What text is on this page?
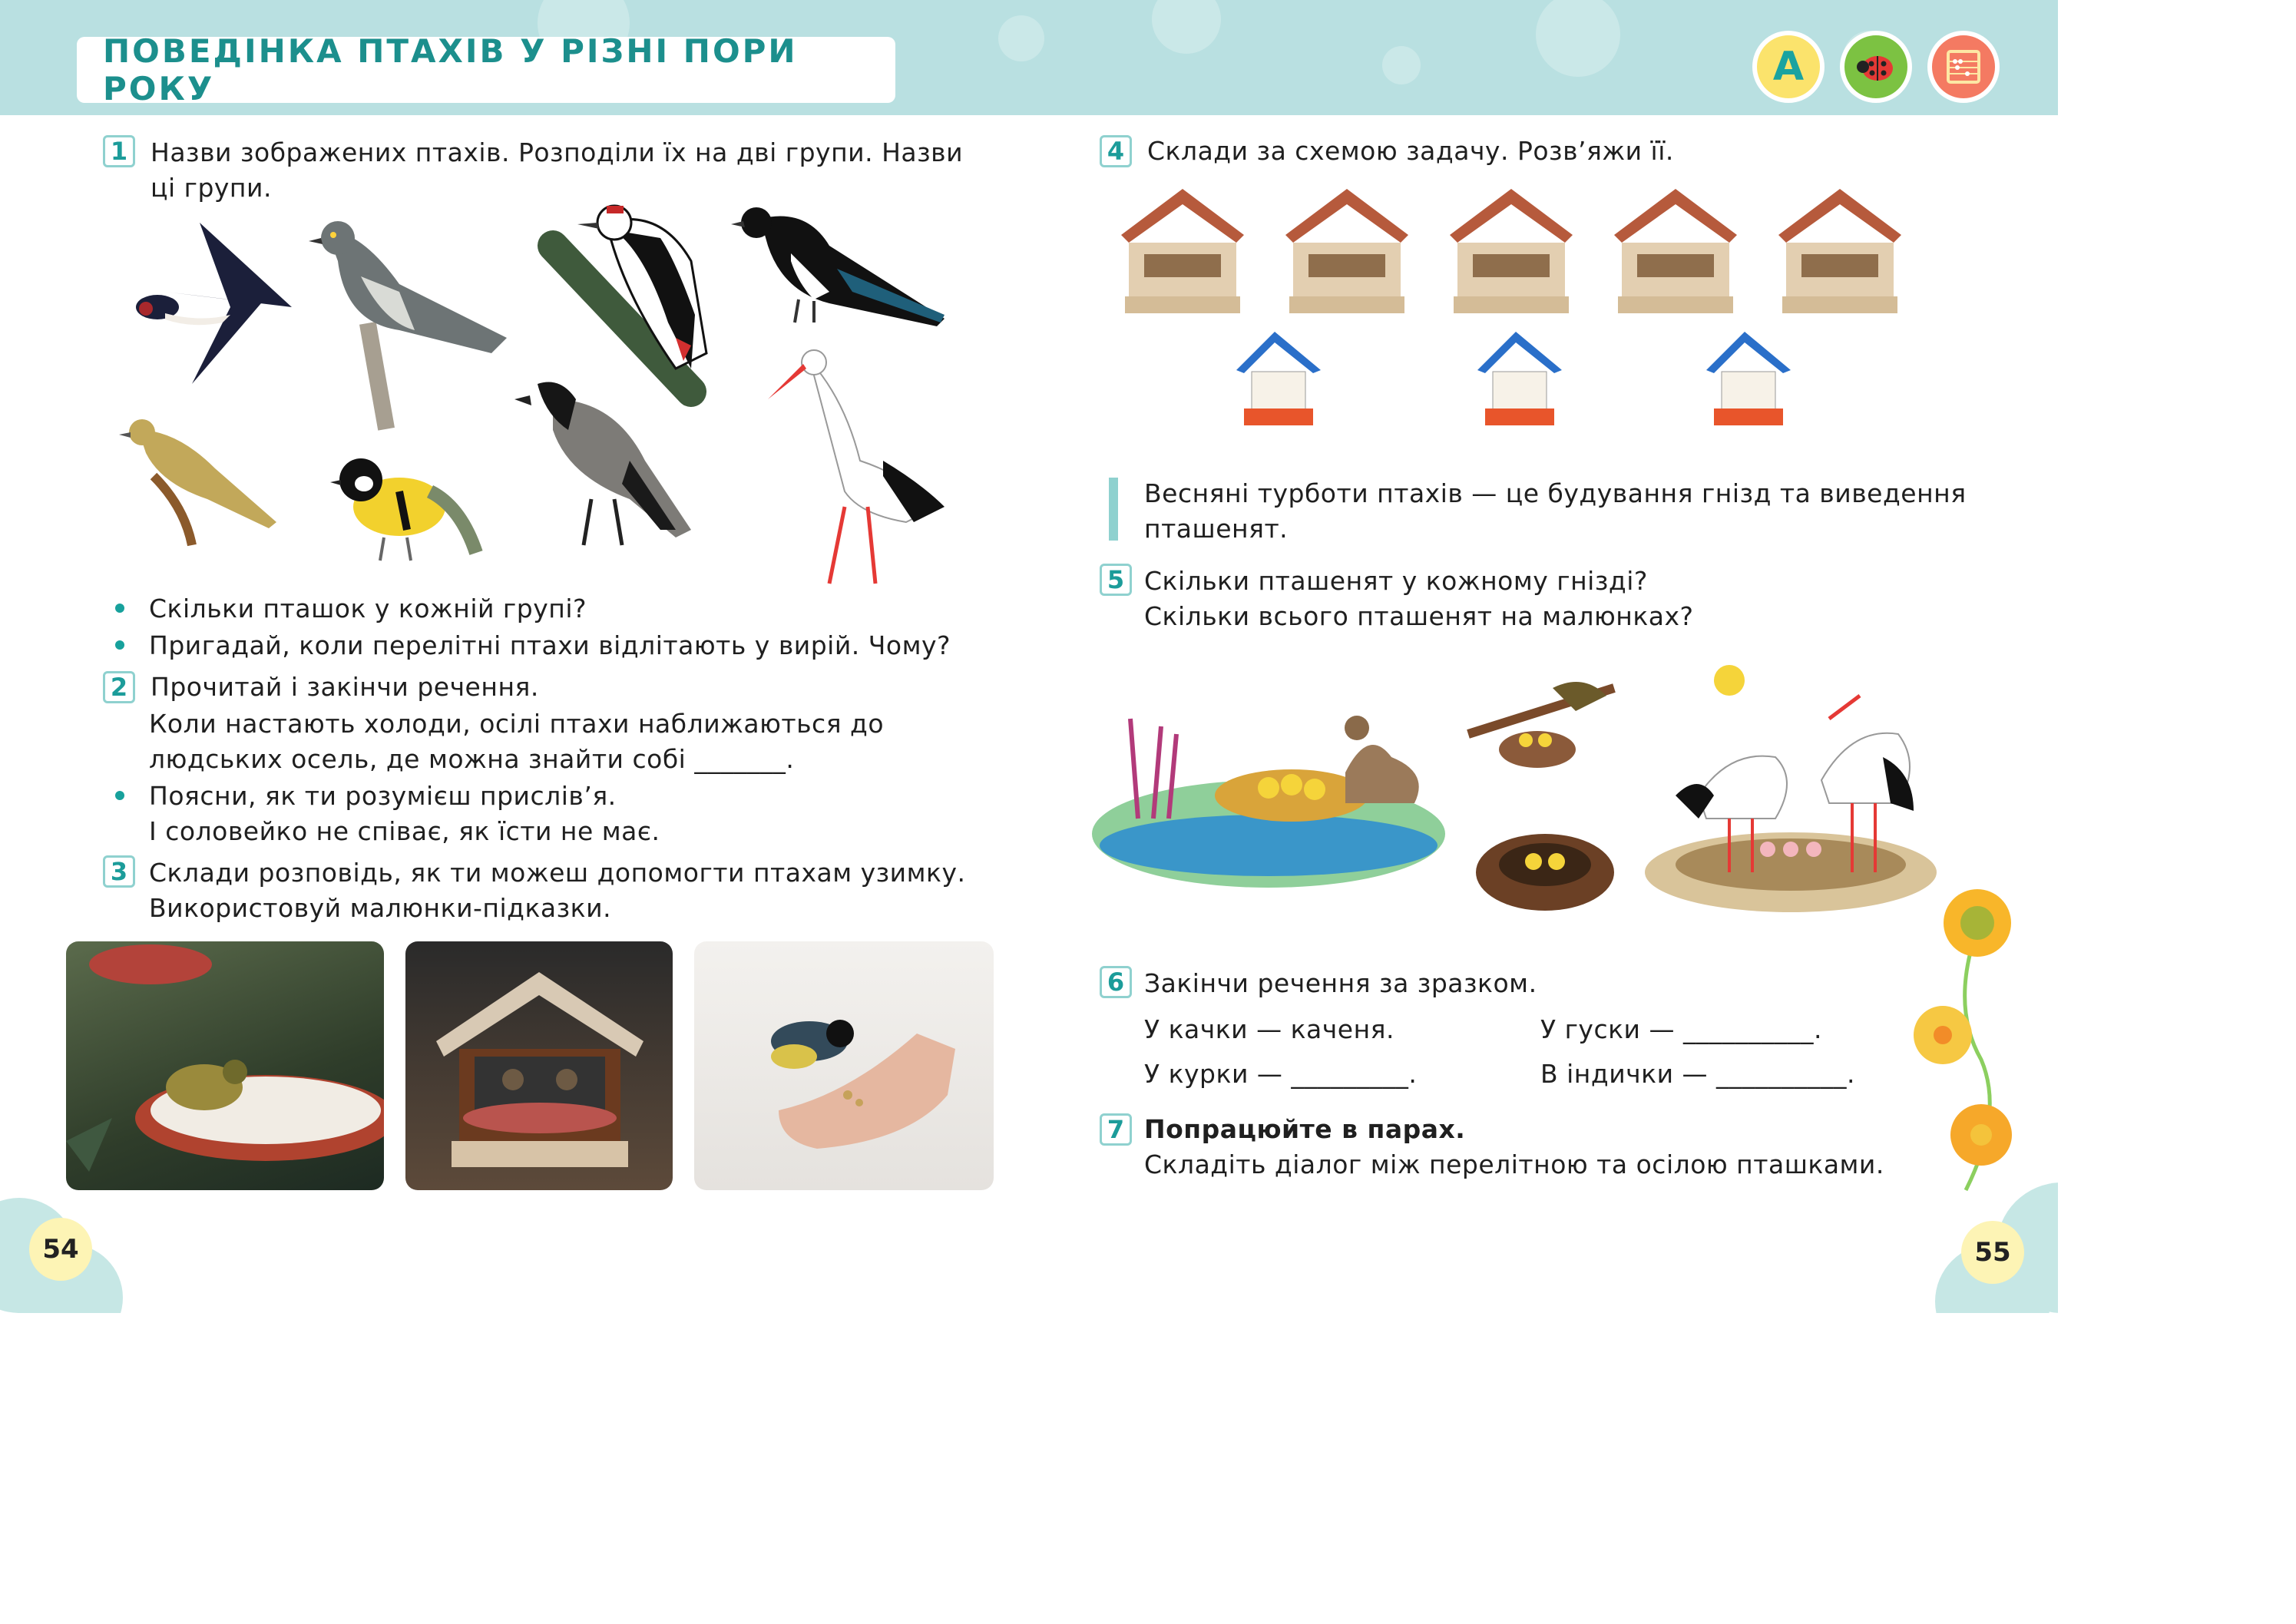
ПОВЕДІНКА ПТАХІВ У РІЗНІ ПОРИ РОКУ	A
1 Назви зображених птахів. Розподіли їх на дві групи. Назви
ці групи.
Скільки пташок у кожній групі?
Пригадай, коли перелітні птахи відлітають у вирій. Чому?
2 Прочитай і закінчи речення.
Коли настають холоди, осілі птахи наближаються до
людських осель, де можна знайти собі _______.
Поясни, як ти розумієш прислів’я.
І соловейко не співає, як їсти не має.
3 Склади розповідь, як ти можеш допомогти птахам узимку.
Використовуй малюнки-підказки.
54
4 Склади за схемою задачу. Розв’яжи її.
Весняні турботи птахів — це будування гнізд та виведення
пташенят.
5 Скільки пташенят у кожному гнізді?
Скільки всього пташенят на малюнках?
6 Закінчи речення за зразком.
У качки — каченя.	У гуски — __________.
У курки — _________.	В індички — __________.
7 Попрацюйте в парах.
Складіть діалог між перелітною та осілою пташками.
55
